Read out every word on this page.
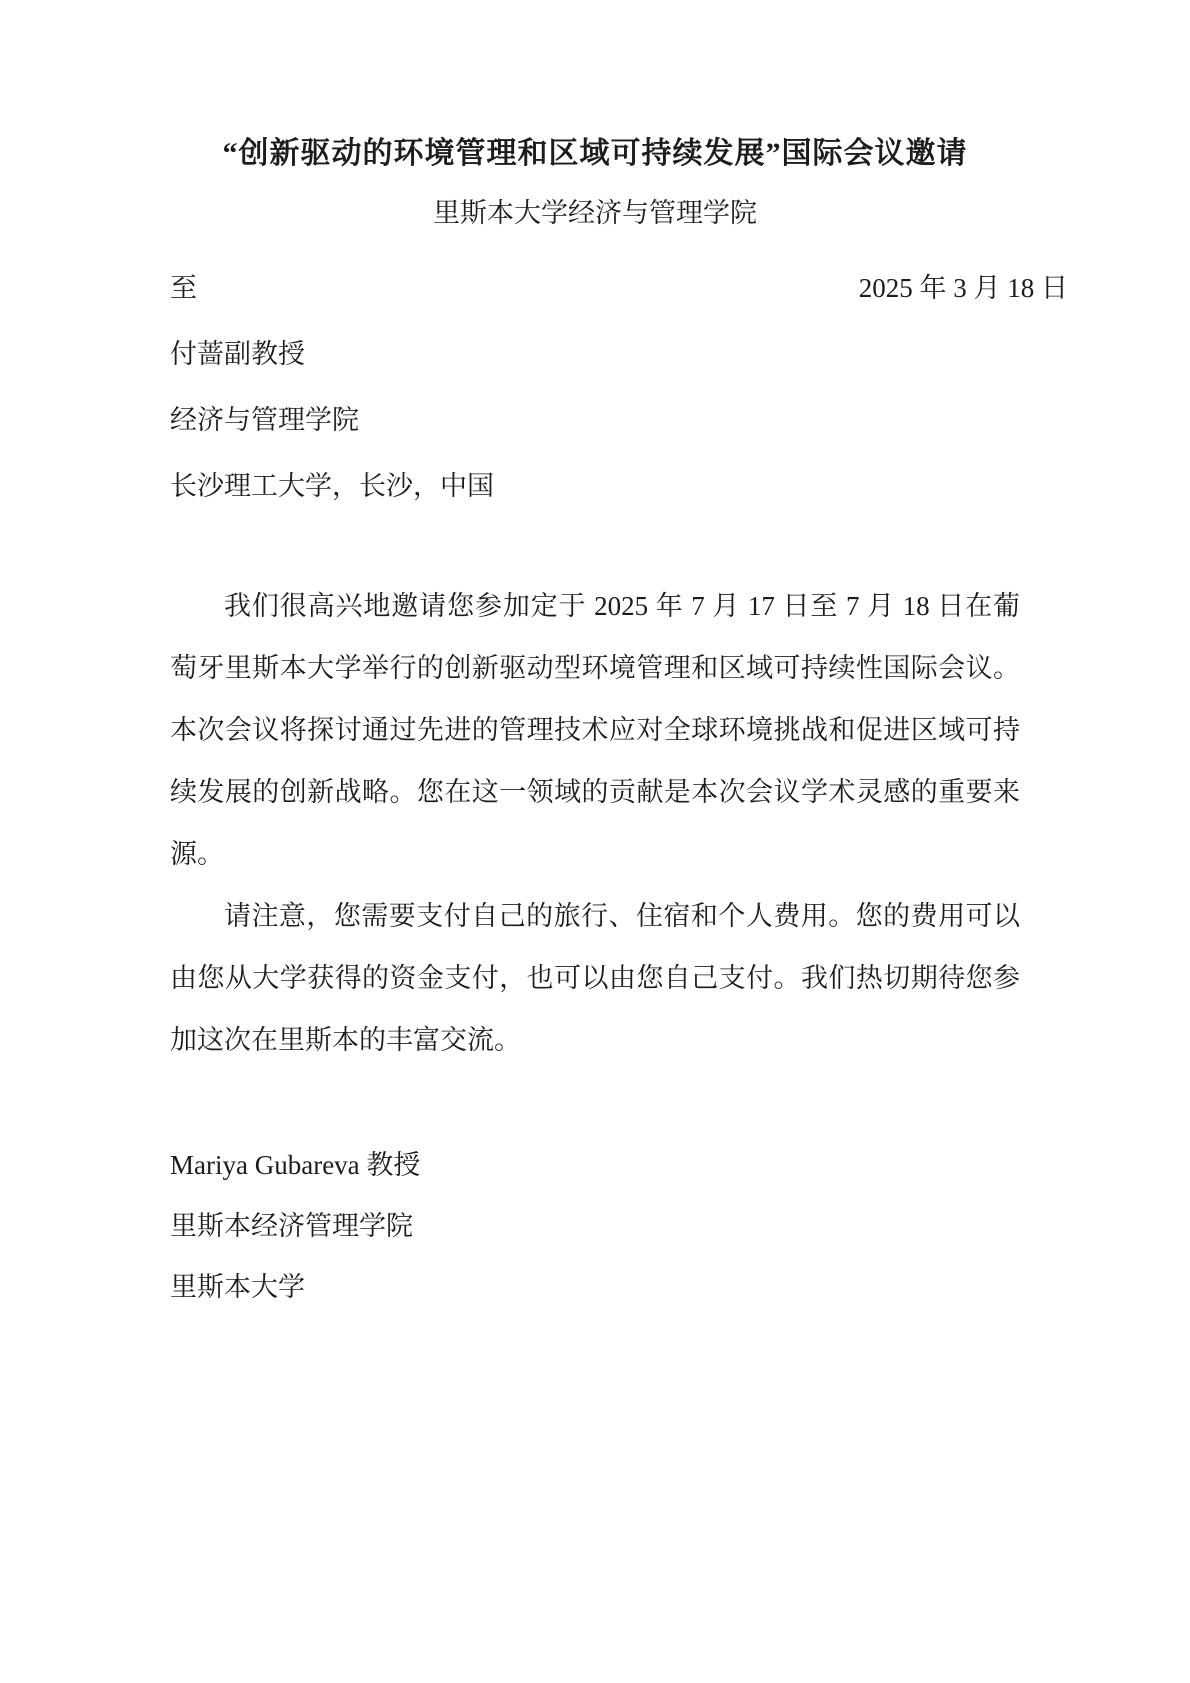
“创新驱动的环境管理和区域可持续发展”国际会议邀请
里斯本大学经济与管理学院
至	2025 年 3 月 18 日
付蔷副教授
经济与管理学院
长沙理工大学，长沙，中国

我们很高兴地邀请您参加定于 2025 年 7 月 17 日至 7 月 18 日在葡萄牙里斯本大学举行的创新驱动型环境管理和区域可持续性国际会议。本次会议将探讨通过先进的管理技术应对全球环境挑战和促进区域可持续发展的创新战略。您在这一领域的贡献是本次会议学术灵感的重要来源。

请注意，您需要支付自己的旅行、住宿和个人费用。您的费用可以由您从大学获得的资金支付，也可以由您自己支付。我们热切期待您参加这次在里斯本的丰富交流。

Mariya Gubareva 教授
里斯本经济管理学院
里斯本大学
